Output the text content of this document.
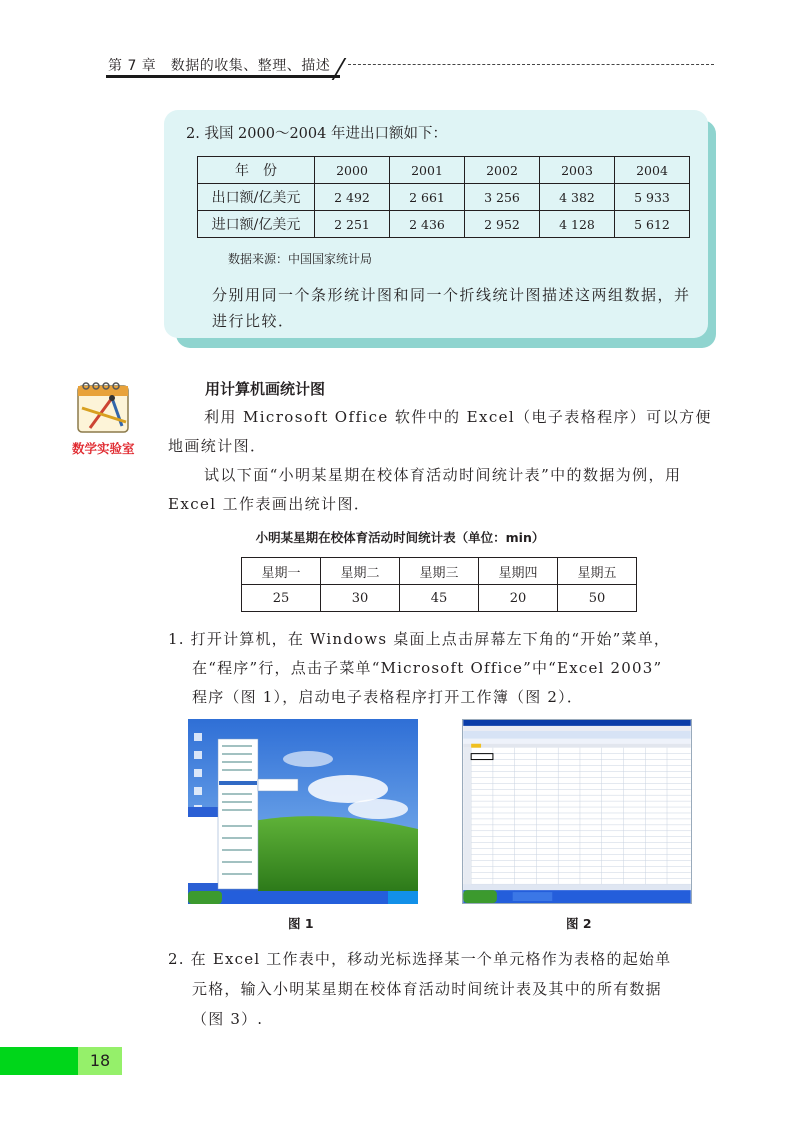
第 7 章　数据的收集、整理、描述
2. 我国 2000～2004 年进出口额如下：
年　份	2000	2001	2002	2003	2004
出口额/亿美元	2 492	2 661	3 256	4 382	5 933
进口额/亿美元	2 251	2 436	2 952	4 128	5 612
数据来源：中国国家统计局
分别用同一个条形统计图和同一个折线统计图描述这两组数据，并进行比较．
数学实验室
用计算机画统计图
利用 Microsoft Office 软件中的 Excel（电子表格程序）可以方便地画统计图．
试以下面“小明某星期在校体育活动时间统计表”中的数据为例，用 Excel 工作表画出统计图．
小明某星期在校体育活动时间统计表（单位：min）
星期一	星期二	星期三	星期四	星期五
25	30	45	20	50
1. 打开计算机，在 Windows 桌面上点击屏幕左下角的“开始”菜单，
在“程序”行，点击子菜单“Microsoft Office”中“Excel 2003”
程序（图 1），启动电子表格程序打开工作簿（图 2）．
图 1	图 2
2. 在 Excel 工作表中，移动光标选择某一个单元格作为表格的起始单
元格，输入小明某星期在校体育活动时间统计表及其中的所有数据
（图 3）.
18
